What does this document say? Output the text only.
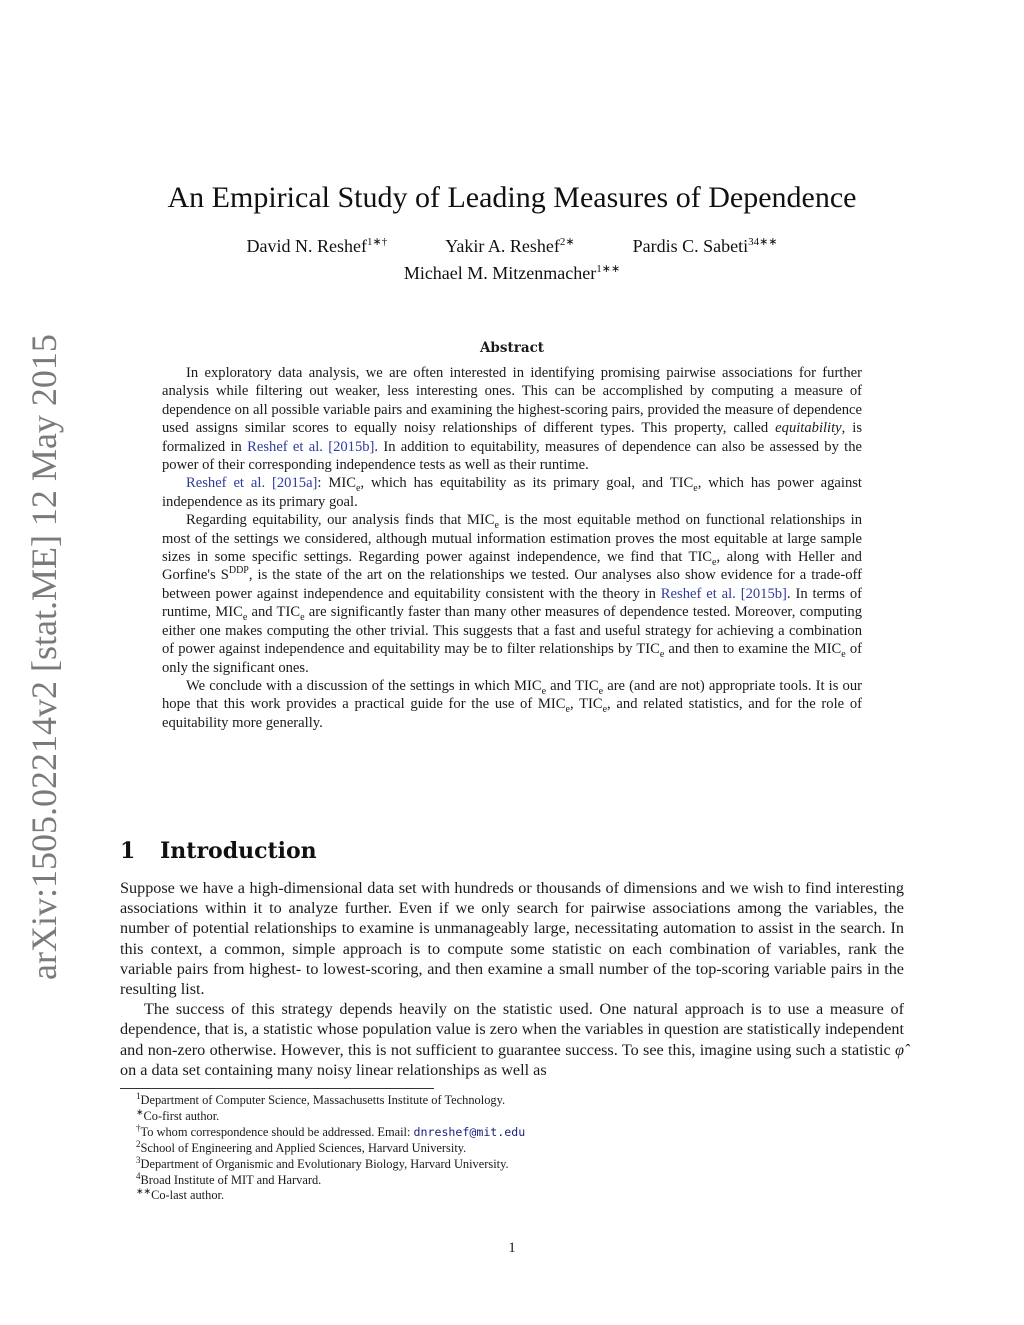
arXiv:1505.02214v2 [stat.ME] 12 May 2015
An Empirical Study of Leading Measures of Dependence
David N. Reshef$^{1∗\dagger}$	Yakir A. Reshef$^{2∗}$	Pardis C. Sabeti$^{34∗∗}$
Michael M. Mitzenmacher$^{1∗∗}$
Abstract

In exploratory data analysis, we are often interested in identifying promising pairwise associations for further analysis while filtering out weaker, less interesting ones. This can be accomplished by computing a measure of dependence on all possible variable pairs and examining the highest-scoring pairs, provided the measure of dependence used assigns similar scores to equally noisy relationships of different types. This property, called equitability, is formalized in Reshef et al. [2015b]. In addition to equitability, measures of dependence can also be assessed by the power of their corresponding independence tests as well as their runtime.

Reshef et al. [2015a]: $MIC_e$, which has equitability as its primary goal, and $TIC_e$, which has power against independence as its primary goal.

Regarding equitability, our analysis finds that $MIC_e$ is the most equitable method on functional relationships in most of the settings we considered, although mutual information estimation proves the most equitable at large sample sizes in some specific settings. Regarding power against independence, we find that $TIC_e$, along with Heller and Gorfine's $S^{DDP}$, is the state of the art on the relationships we tested. Our analyses also show evidence for a trade-off between power against independence and equitability consistent with the theory in Reshef et al. [2015b]. In terms of runtime, $MIC_e$ and $TIC_e$ are significantly faster than many other measures of dependence tested. Moreover, computing either one makes computing the other trivial. This suggests that a fast and useful strategy for achieving a combination of power against independence and equitability may be to filter relationships by $TIC_e$ and then to examine the $MIC_e$ of only the significant ones.

We conclude with a discussion of the settings in which $MIC_e$ and $TIC_e$ are (and are not) appropriate tools. It is our hope that this work provides a practical guide for the use of $MIC_e$, $TIC_e$, and related statistics, and for the role of equitability more generally.

1 Introduction

Suppose we have a high-dimensional data set with hundreds or thousands of dimensions and we wish to find interesting associations within it to analyze further. Even if we only search for pairwise associations among the variables, the number of potential relationships to examine is unmanageably large, necessitating automation to assist in the search. In this context, a common, simple approach is to compute some statistic on each combination of variables, rank the variable pairs from highest- to lowest-scoring, and then examine a small number of the top-scoring variable pairs in the resulting list.

The success of this strategy depends heavily on the statistic used. One natural approach is to use a measure of dependence, that is, a statistic whose population value is zero when the variables in question are statistically independent and non-zero otherwise. However, this is not sufficient to guarantee success. To see this, imagine using such a statistic φ̂ on a data set containing many noisy linear relationships as well as

$^1$Department of Computer Science, Massachusetts Institute of Technology.
∗Co-first author.
†To whom correspondence should be addressed. Email: dnreshef@mit.edu
$^2$School of Engineering and Applied Sciences, Harvard University.
$^3$Department of Organismic and Evolutionary Biology, Harvard University.
$^4$Broad Institute of MIT and Harvard.
∗∗Co-last author.
1
